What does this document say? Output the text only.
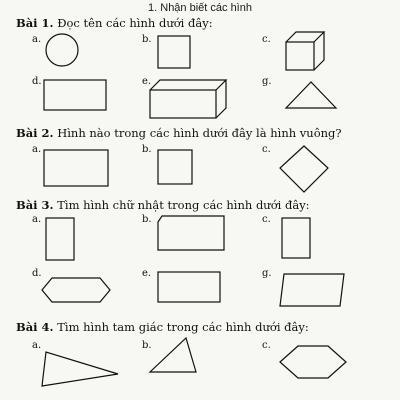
1. Nhận biết các hình
Bài 1. Đọc tên các hình dưới đây:
a.	b.	c.
d.	e.	g.
Bài 2. Hình nào trong các hình dưới đây là hình vuông?
a.	b.	c.
Bài 3. Tìm hình chữ nhật trong các hình dưới đây:
a.	b.	c.
d.	e.	g.
Bài 4. Tìm hình tam giác trong các hình dưới đây:
a.	b.	c.
